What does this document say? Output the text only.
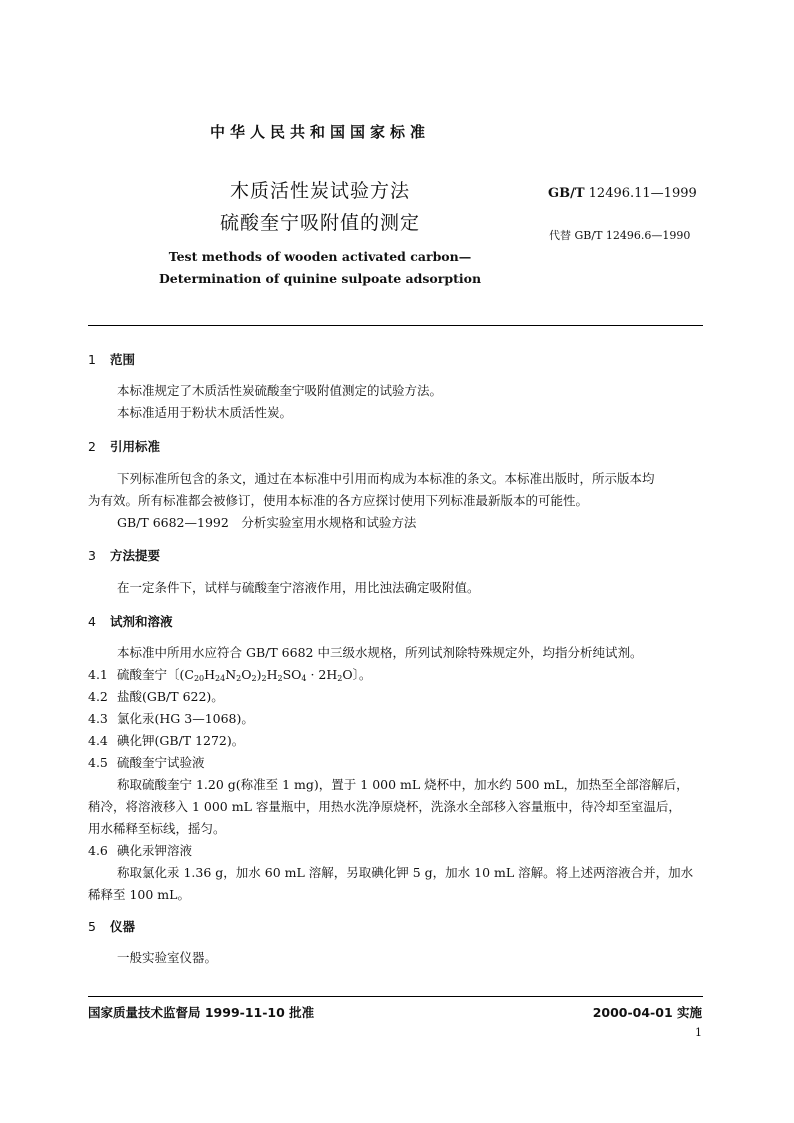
中华人民共和国国家标准
木质活性炭试验方法
硫酸奎宁吸附值的测定
GB/T 12496.11—1999
代替 GB/T 12496.6—1990
Test methods of wooden activated carbon—
Determination of quinine sulpoate adsorption
1 范围
本标准规定了木质活性炭硫酸奎宁吸附值测定的试验方法。
本标准适用于粉状木质活性炭。
2 引用标准
下列标准所包含的条文，通过在本标准中引用而构成为本标准的条文。本标准出版时，所示版本均
为有效。所有标准都会被修订，使用本标准的各方应探讨使用下列标准最新版本的可能性。
GB/T 6682—1992　分析实验室用水规格和试验方法
3 方法提要
在一定条件下，试样与硫酸奎宁溶液作用，用比浊法确定吸附值。
4 试剂和溶液
本标准中所用水应符合 GB/T 6682 中三级水规格，所列试剂除特殊规定外，均指分析纯试剂。
4.1 硫酸奎宁〔$(C_{20}H_{24}N_2O_2)_2H_2SO_4 \cdot 2H_2O$〕。
4.2 盐酸(GB/T 622)。
4.3 氯化汞(HG 3—1068)。
4.4 碘化钾(GB/T 1272)。
4.5 硫酸奎宁试验液
称取硫酸奎宁 1.20 g(称准至 1 mg)，置于 1 000 mL 烧杯中，加水约 500 mL，加热至全部溶解后，
稍冷，将溶液移入 1 000 mL 容量瓶中，用热水洗净原烧杯，洗涤水全部移入容量瓶中，待冷却至室温后，
用水稀释至标线，摇匀。
4.6 碘化汞钾溶液
称取氯化汞 1.36 g，加水 60 mL 溶解，另取碘化钾 5 g，加水 10 mL 溶解。将上述两溶液合并，加水
稀释至 100 mL。
5 仪器
一般实验室仪器。
国家质量技术监督局 1999-11-10 批准	2000-04-01 实施
1
